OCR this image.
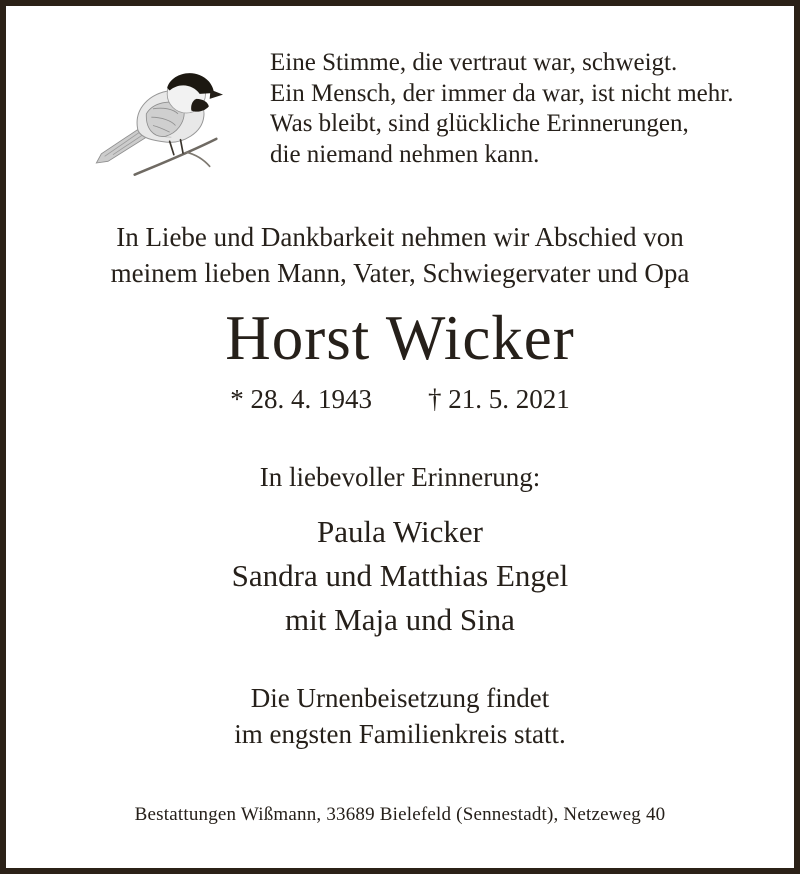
Eine Stimme, die vertraut war, schweigt.
Ein Mensch, der immer da war, ist nicht mehr.
Was bleibt, sind glückliche Erinnerungen,
die niemand nehmen kann.
In Liebe und Dankbarkeit nehmen wir Abschied von
meinem lieben Mann, Vater, Schwiegervater und Opa
Horst Wicker
* 28. 4. 1943 † 21. 5. 2021
In liebevoller Erinnerung:
Paula Wicker
Sandra und Matthias Engel
mit Maja und Sina
Die Urnenbeisetzung findet
im engsten Familienkreis statt.
Bestattungen Wißmann, 33689 Bielefeld (Sennestadt), Netzeweg 40
